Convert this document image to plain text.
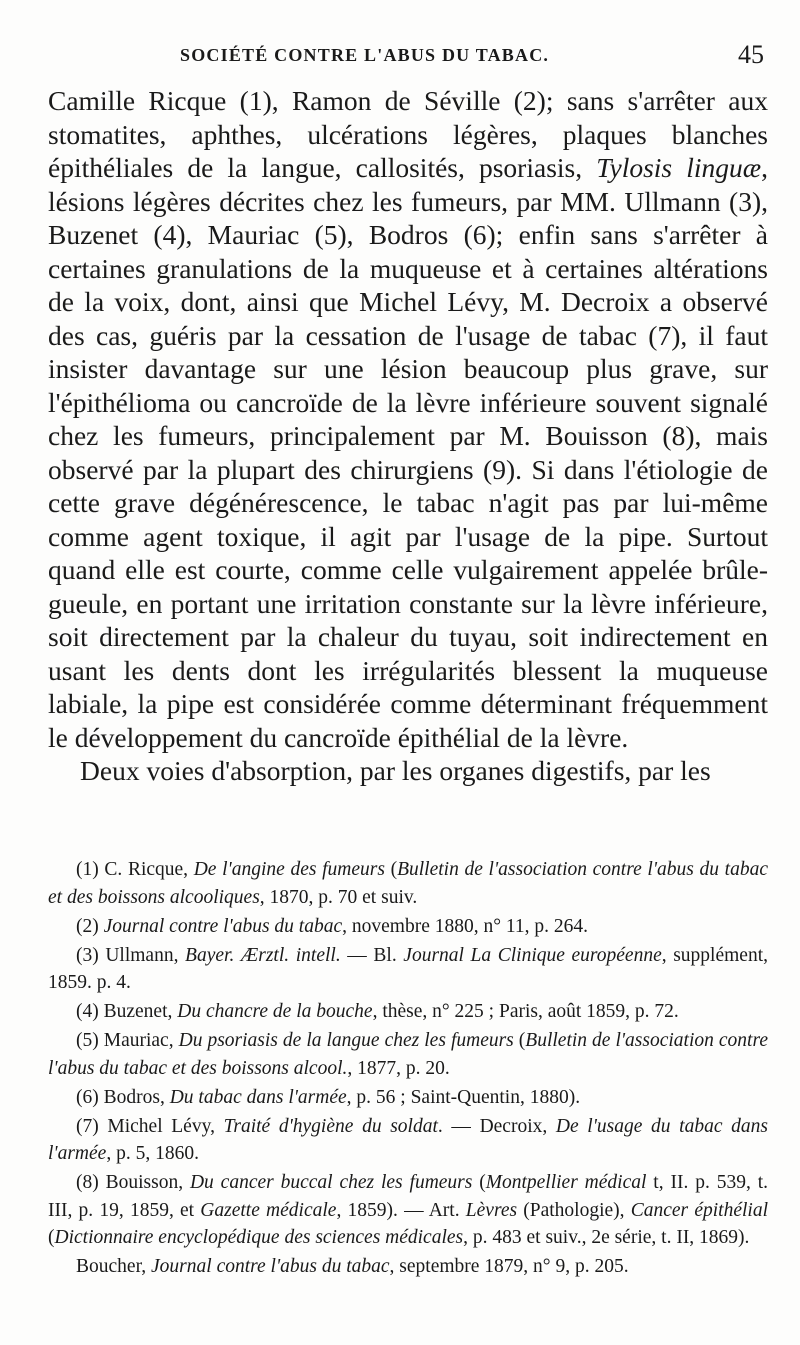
SOCIÉTÉ CONTRE L'ABUS DU TABAC.	45

Camille Ricque (1), Ramon de Séville (2); sans s'arrêter aux stomatites, aphthes, ulcérations légères, plaques blanches épithéliales de la langue, callosités, psoriasis, Tylosis linguæ, lésions légères décrites chez les fumeurs, par MM. Ullmann (3), Buzenet (4), Mauriac (5), Bodros (6); enfin sans s'arrêter à certaines granulations de la muqueuse et à certaines altérations de la voix, dont, ainsi que Michel Lévy, M. Decroix a observé des cas, guéris par la cessation de l'usage de tabac (7), il faut insister davantage sur une lésion beaucoup plus grave, sur l'épithélioma ou cancroïde de la lèvre inférieure souvent signalé chez les fumeurs, principalement par M. Bouisson (8), mais observé par la plupart des chirurgiens (9). Si dans l'étiologie de cette grave dégénérescence, le tabac n'agit pas par lui-même comme agent toxique, il agit par l'usage de la pipe. Surtout quand elle est courte, comme celle vulgairement appelée brûle-gueule, en portant une irritation constante sur la lèvre inférieure, soit directement par la chaleur du tuyau, soit indirectement en usant les dents dont les irrégularités blessent la muqueuse labiale, la pipe est considérée comme déterminant fréquemment le développement du cancroïde épithélial de la lèvre.

Deux voies d'absorption, par les organes digestifs, par les

(1) C. Ricque, De l'angine des fumeurs (Bulletin de l'association contre l'abus du tabac et des boissons alcooliques, 1870, p. 70 et suiv.

(2) Journal contre l'abus du tabac, novembre 1880, n° 11, p. 264.

(3) Ullmann, Bayer. Ærztl. intell. — Bl. Journal La Clinique européenne, supplément, 1859. p. 4.

(4) Buzenet, Du chancre de la bouche, thèse, n° 225 ; Paris, août 1859, p. 72.

(5) Mauriac, Du psoriasis de la langue chez les fumeurs (Bulletin de l'association contre l'abus du tabac et des boissons alcool., 1877, p. 20.

(6) Bodros, Du tabac dans l'armée, p. 56 ; Saint-Quentin, 1880).

(7) Michel Lévy, Traité d'hygiène du soldat. — Decroix, De l'usage du tabac dans l'armée, p. 5, 1860.

(8) Bouisson, Du cancer buccal chez les fumeurs (Montpellier médical t, II. p. 539, t. III, p. 19, 1859, et Gazette médicale, 1859). — Art. Lèvres (Pathologie), Cancer épithélial (Dictionnaire encyclopédique des sciences médicales, p. 483 et suiv., 2e série, t. II, 1869).

Boucher, Journal contre l'abus du tabac, septembre 1879, n° 9, p. 205.
